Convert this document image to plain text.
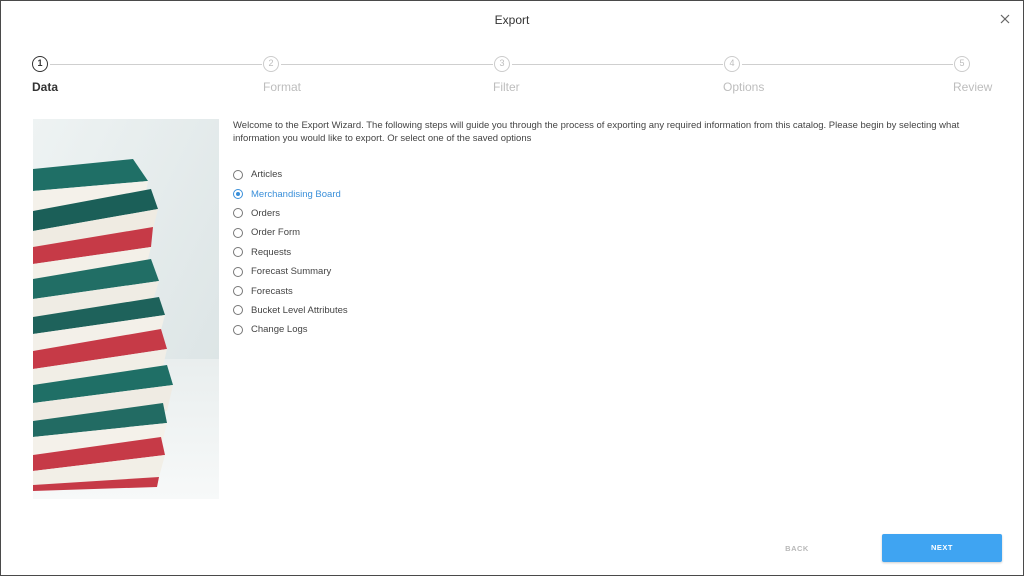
Export
1	2	3	4	5
Data	Format	Filter	Options	Review
Welcome to the Export Wizard. The following steps will guide you through the process of exporting any required information from this catalog. Please begin by selecting what information you would like to export. Or select one of the saved options
Articles
Merchandising Board
Orders
Order Form
Requests
Forecast Summary
Forecasts
Bucket Level Attributes
Change Logs
BACK	NEXT
